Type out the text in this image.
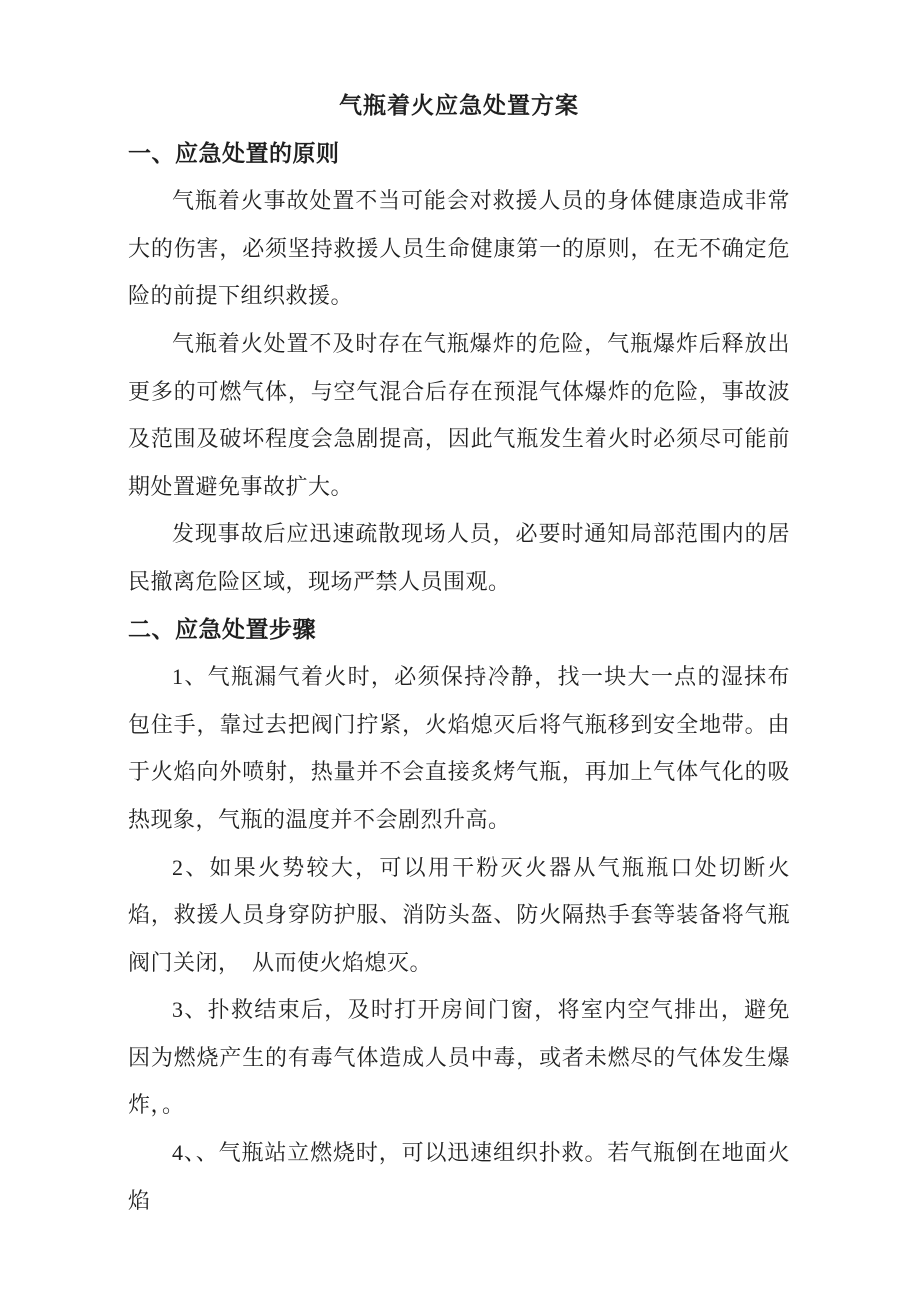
气瓶着火应急处置方案
一、应急处置的原则

气瓶着火事故处置不当可能会对救援人员的身体健康造成非常大的伤害，必须坚持救援人员生命健康第一的原则，在无不确定危险的前提下组织救援。

气瓶着火处置不及时存在气瓶爆炸的危险，气瓶爆炸后释放出更多的可燃气体，与空气混合后存在预混气体爆炸的危险，事故波及范围及破坏程度会急剧提高，因此气瓶发生着火时必须尽可能前期处置避免事故扩大。

发现事故后应迅速疏散现场人员，必要时通知局部范围内的居民撤离危险区域，现场严禁人员围观。

二、应急处置步骤

1、气瓶漏气着火时，必须保持冷静，找一块大一点的湿抹布包住手，靠过去把阀门拧紧，火焰熄灭后将气瓶移到安全地带。由于火焰向外喷射，热量并不会直接炙烤气瓶，再加上气体气化的吸热现象，气瓶的温度并不会剧烈升高。

2、如果火势较大，可以用干粉灭火器从气瓶瓶口处切断火焰，救援人员身穿防护服、消防头盔、防火隔热手套等装备将气瓶阀门关闭，　从而使火焰熄灭。

3、扑救结束后，及时打开房间门窗，将室内空气排出，避免因为燃烧产生的有毒气体造成人员中毒，或者未燃尽的气体发生爆炸，。

4、、气瓶站立燃烧时，可以迅速组织扑救。若气瓶倒在地面火焰
